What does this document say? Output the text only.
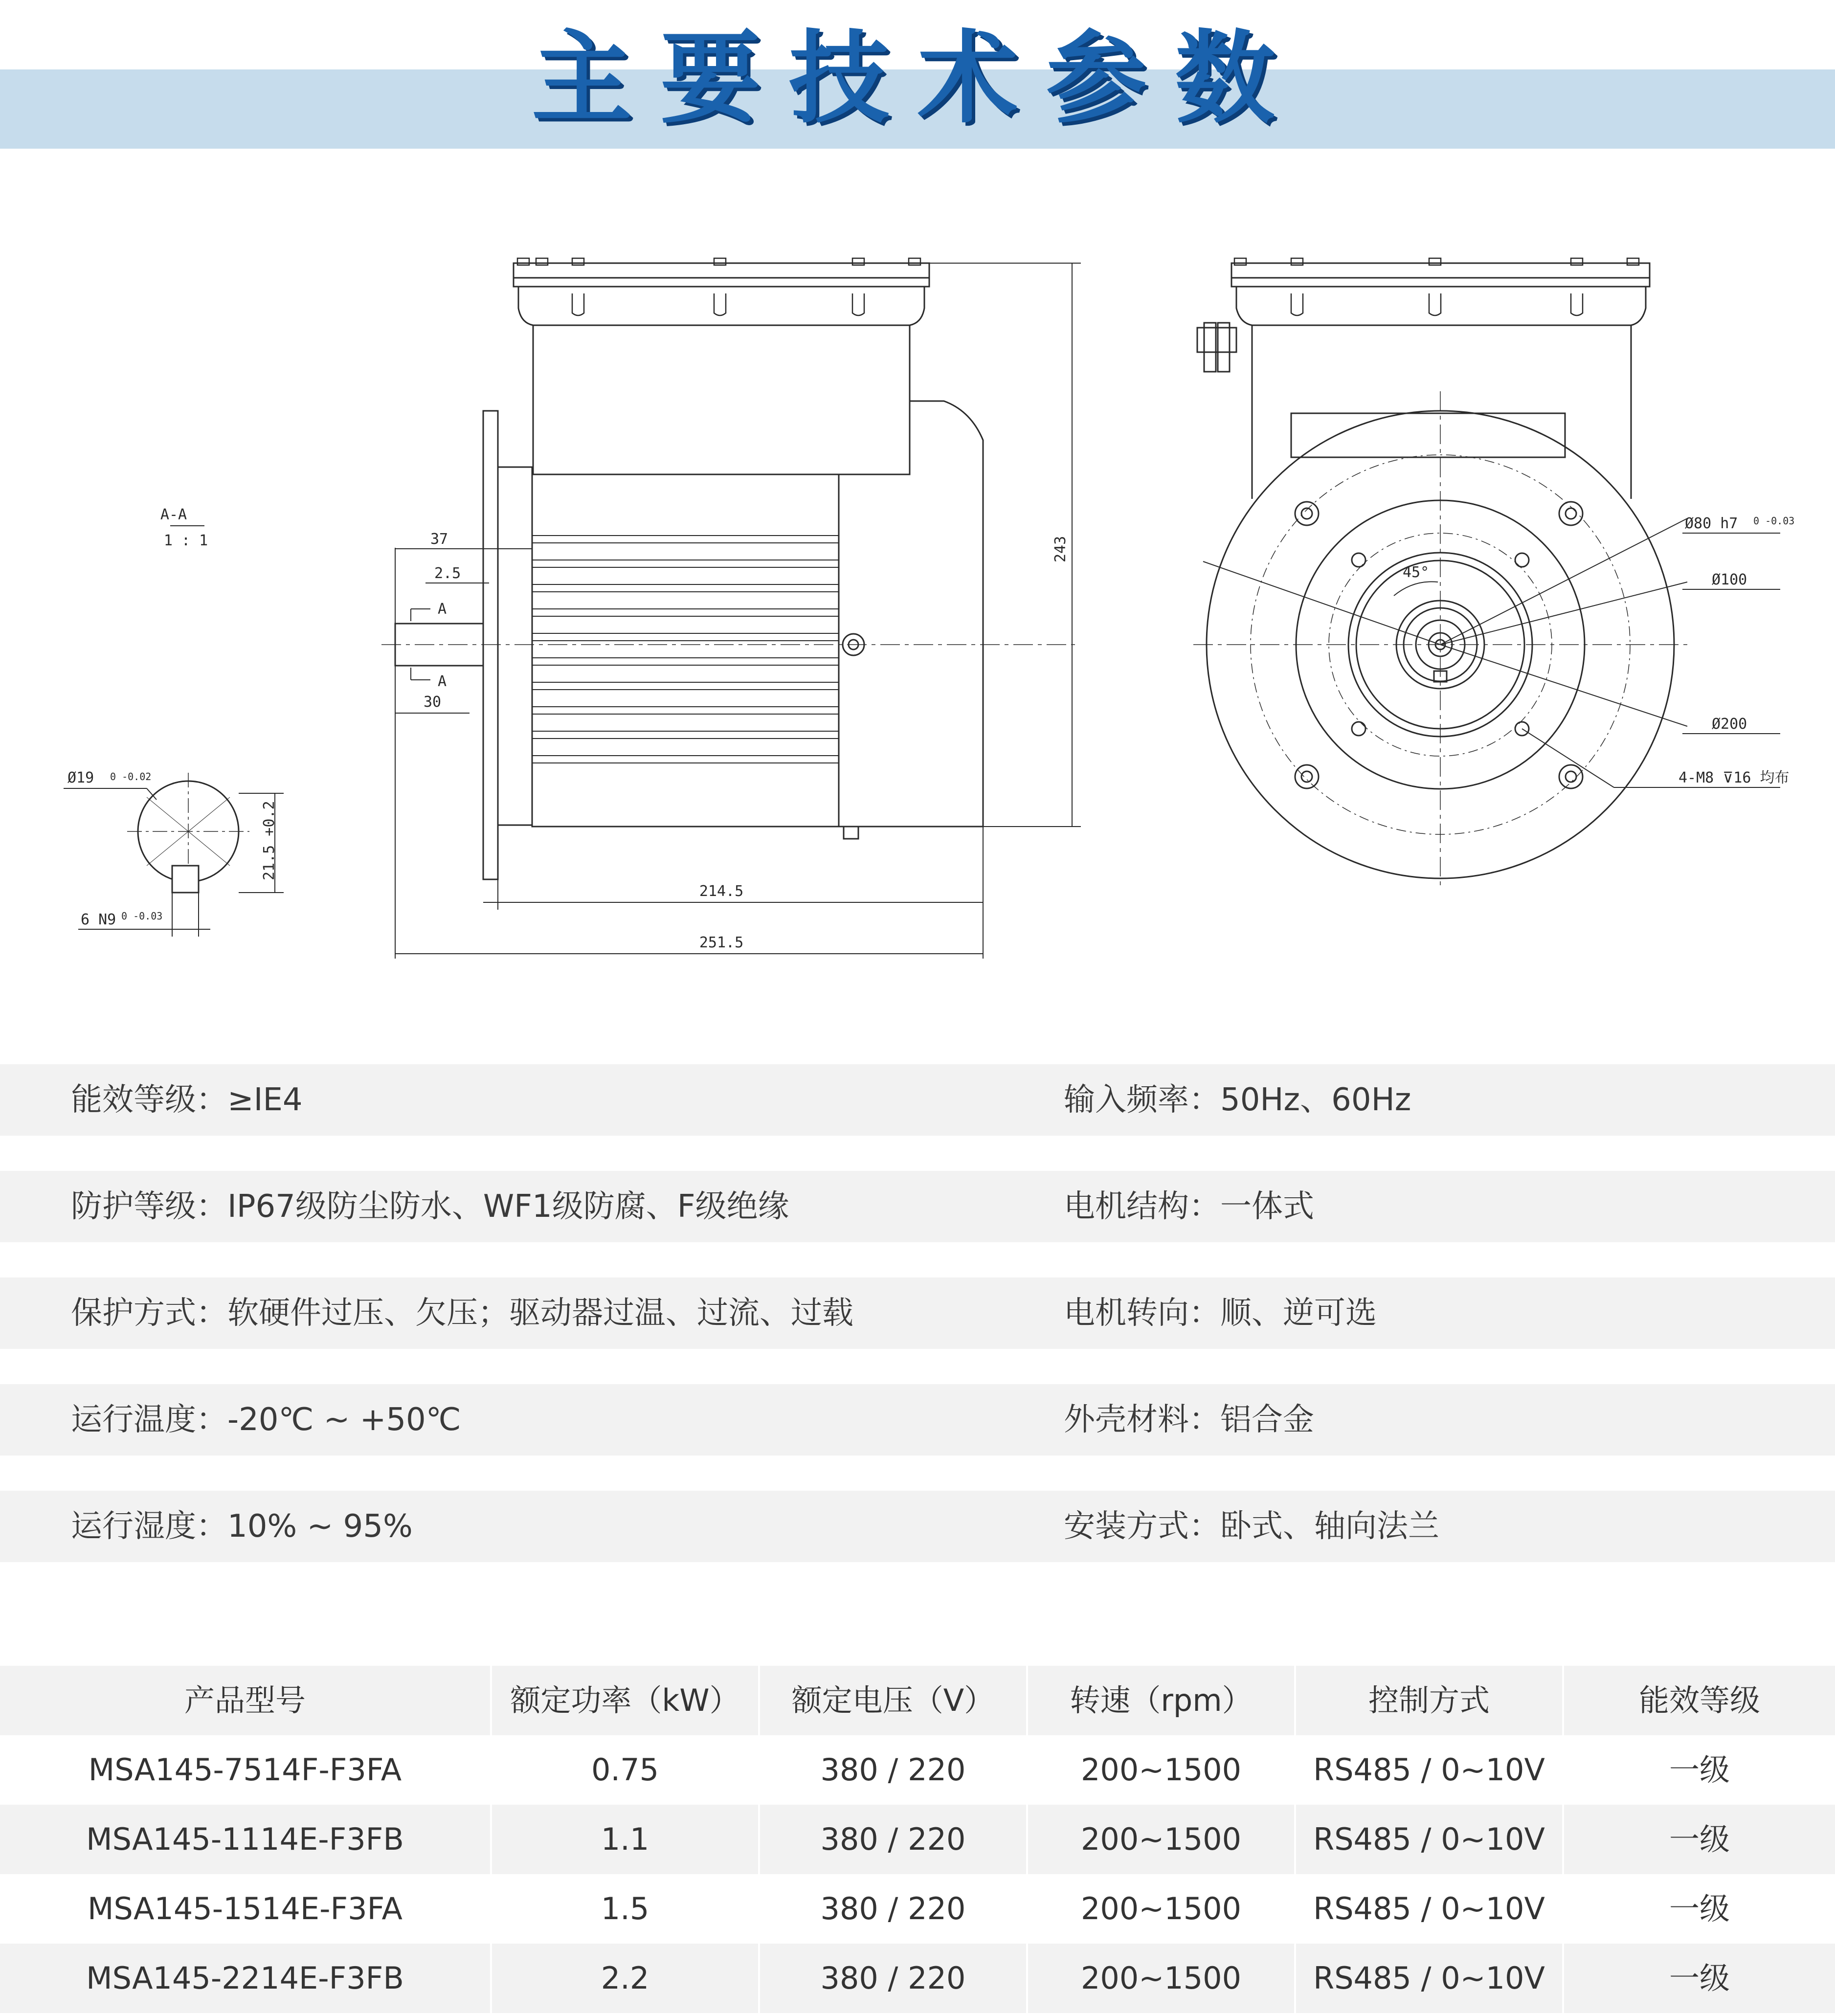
主要技术参数
A-A
1 : 1
Ø19 0 -0.02
21.5 +0.2
6 N9 0 -0.03
37
2.5
30
A
A
243
214.5
251.5
45°
Ø80 h7 0 -0.03
Ø100
Ø200
4-M8 ⊽16 均布
能效等级：≥IE4	输入频率：50Hz、60Hz
防护等级：IP67级防尘防水、WF1级防腐、F级绝缘	电机结构：一体式
保护方式：软硬件过压、欠压；驱动器过温、过流、过载	电机转向：顺、逆可选
运行温度：-20℃ ~ +50℃	外壳材料：铝合金
运行湿度：10% ~ 95%	安装方式：卧式、轴向法兰
产品型号	额定功率（kW）	额定电压（V）	转速（rpm）	控制方式	能效等级
MSA145-7514F-F3FA	0.75	380 / 220	200~1500	RS485 / 0~10V	一级
MSA145-1114E-F3FB	1.1	380 / 220	200~1500	RS485 / 0~10V	一级
MSA145-1514E-F3FA	1.5	380 / 220	200~1500	RS485 / 0~10V	一级
MSA145-2214E-F3FB	2.2	380 / 220	200~1500	RS485 / 0~10V	一级
